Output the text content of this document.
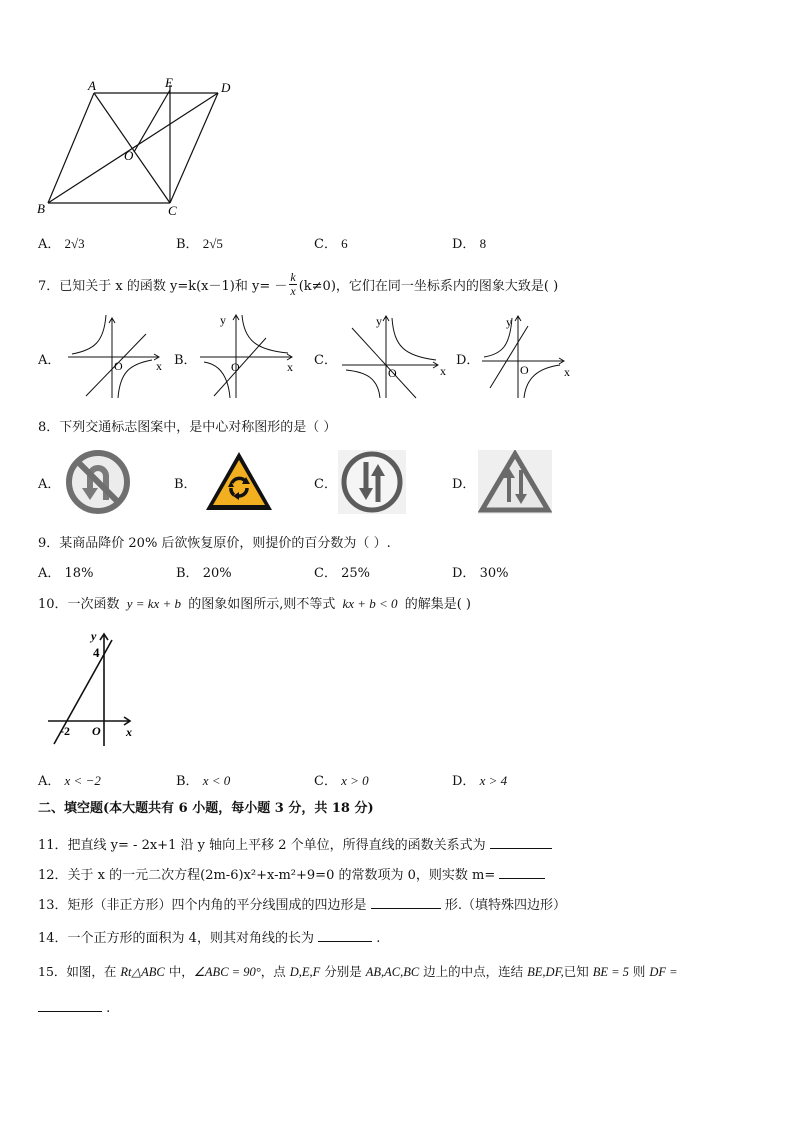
A	E	D
O
B	C
A． 2√3	B． 2√5	C． 6	D． 8
7．已知关于 x 的函数 y=k(x－1)和 $y= - \frac{k}{x} (k\ne 0)$，它们在同一坐标系内的图象大致是( )
A．	O	x B．
y
O	x C．
y
O	x
D．
y
O	x
8．下列交通标志图案中，是中心对称图形的是（ ）
A．	B．	C．	D．
9．某商品降价 20% 后欲恢复原价，则提价的百分数为（ ）.
A． 18%	B． 20%	C． 25%	D． 30%
10．一次函数 y = kx + b 的图象如图所示,则不等式 kx + b < 0 的解集是( )
y
4
-2 O x
A． x < −2	B． x < 0	C． x > 0	D． x > 4
二、填空题(本大题共有 6 小题，每小题 3 分，共 18 分)
11．把直线 y= - 2x+1 沿 y 轴向上平移 2 个单位，所得直线的函数关系式为
12．关于 x 的一元二次方程(2m-6)x²+x-m²+9=0 的常数项为 0，则实数 m=
13．矩形（非正方形）四个内角的平分线围成的四边形是	形.（填特殊四边形）
14．一个正方形的面积为 4，则其对角线的长为	.
15．如图，在 Rt△ABC 中，∠ABC = 90°，点 D,E,F 分别是 AB,AC,BC 边上的中点，连结 BE,DF,已知 BE = 5 则 DF =
.
